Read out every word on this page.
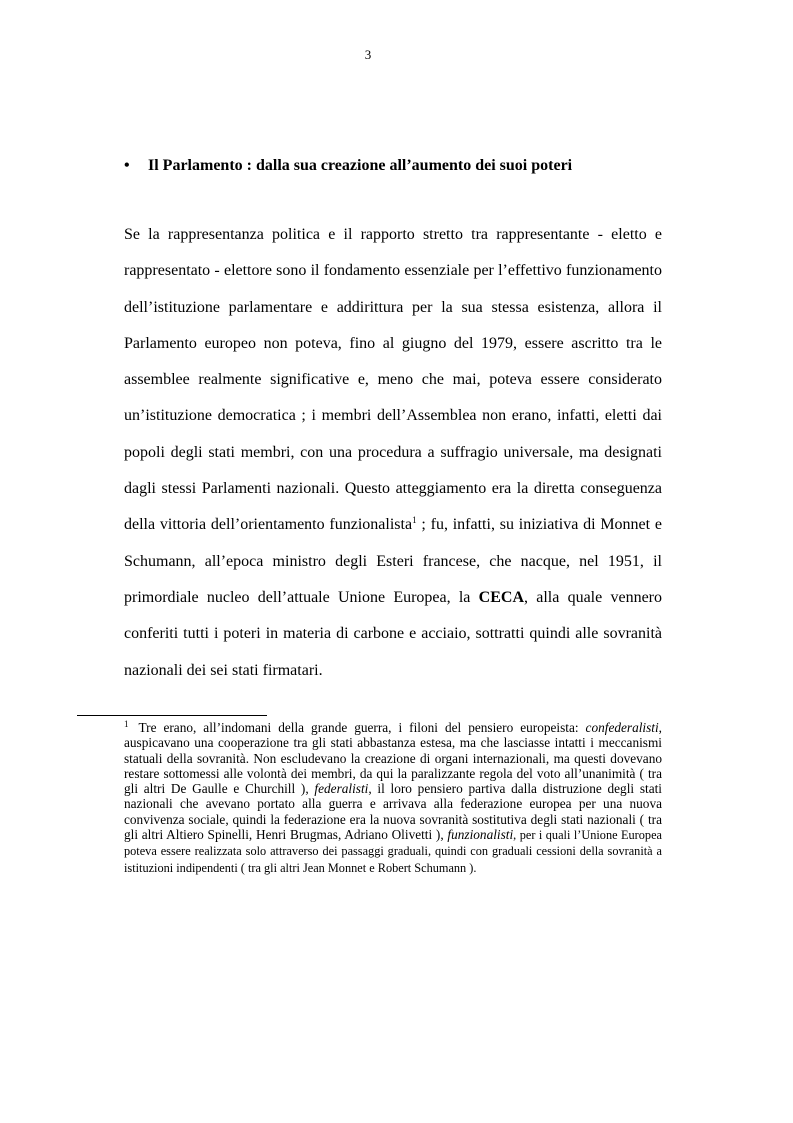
3
• Il Parlamento : dalla sua creazione all’aumento dei suoi poteri
Se la rappresentanza politica e il rapporto stretto tra rappresentante - eletto e rappresentato - elettore sono il fondamento essenziale per l’effettivo funzionamento dell’istituzione parlamentare e addirittura per la sua stessa esistenza, allora il Parlamento europeo non poteva, fino al giugno del 1979, essere ascritto tra le assemblee realmente significative e, meno che mai, poteva essere considerato un’istituzione democratica ; i membri dell’Assemblea non erano, infatti, eletti dai popoli degli stati membri, con una procedura a suffragio universale, ma designati dagli stessi Parlamenti nazionali. Questo atteggiamento era la diretta conseguenza della vittoria dell’orientamento funzionalista$^1$ ; fu, infatti, su iniziativa di Monnet e Schumann, all’epoca ministro degli Esteri francese, che nacque, nel 1951, il primordiale nucleo dell’attuale Unione Europea, la CECA, alla quale vennero conferiti tutti i poteri in materia di carbone e acciaio, sottratti quindi alle sovranità nazionali dei sei stati firmatari.
$^1$ Tre erano, all’indomani della grande guerra, i filoni del pensiero europeista: confederalisti, auspicavano una cooperazione tra gli stati abbastanza estesa, ma che lasciasse intatti i meccanismi statuali della sovranità. Non escludevano la creazione di organi internazionali, ma questi dovevano restare sottomessi alle volontà dei membri, da qui la paralizzante regola del voto all’unanimità ( tra gli altri De Gaulle e Churchill ), federalisti, il loro pensiero partiva dalla distruzione degli stati nazionali che avevano portato alla guerra e arrivava alla federazione europea per una nuova convivenza sociale, quindi la federazione era la nuova sovranità sostitutiva degli stati nazionali ( tra gli altri Altiero Spinelli, Henri Brugmas, Adriano Olivetti ), funzionalisti, per i quali l’Unione Europea poteva essere realizzata solo attraverso dei passaggi graduali, quindi con graduali cessioni della sovranità a istituzioni indipendenti ( tra gli altri Jean Monnet e Robert Schumann ).
